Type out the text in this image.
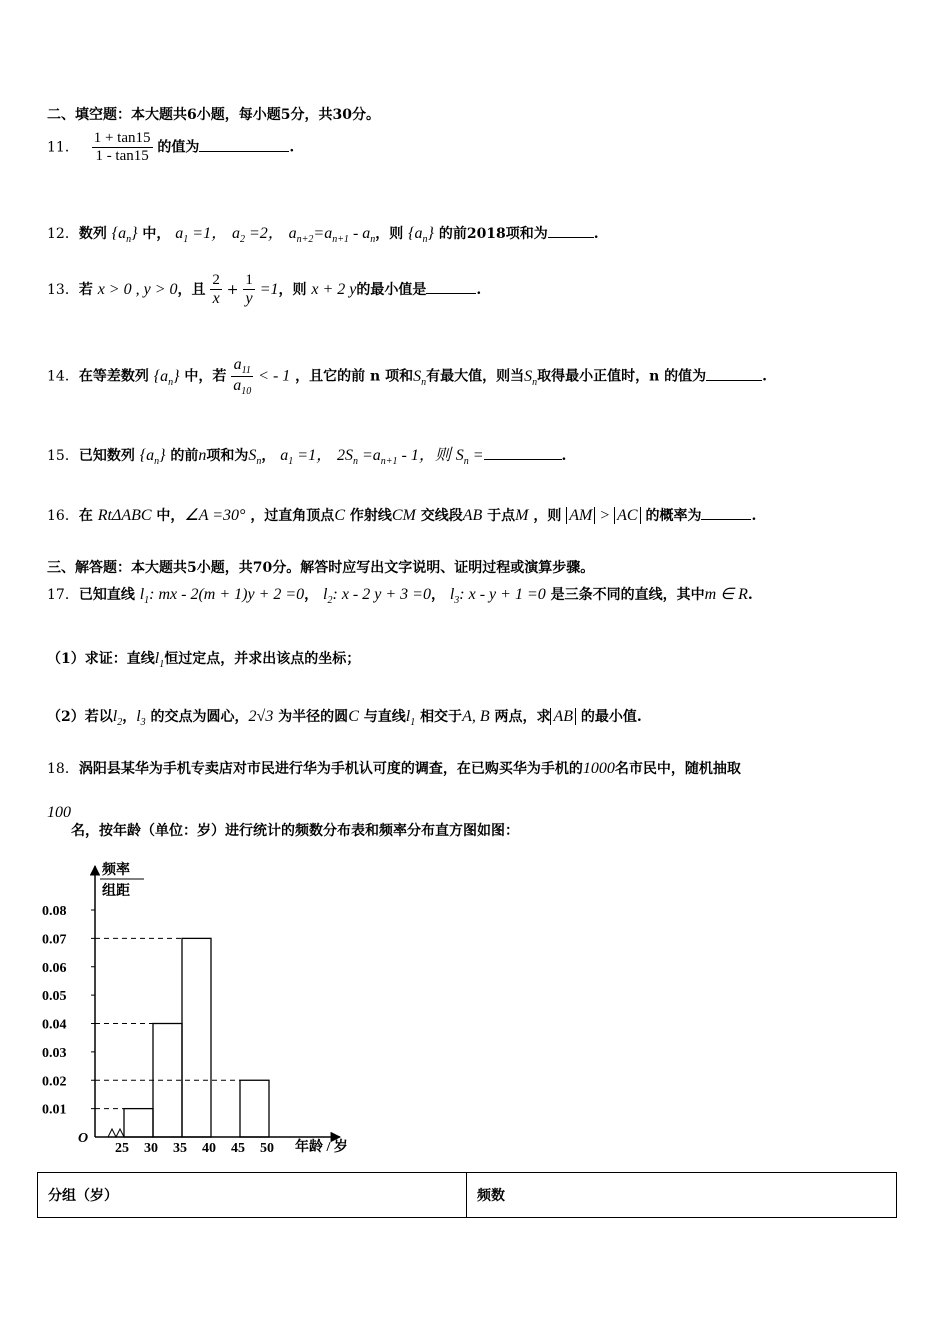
二、填空题：本大题共6小题，每小题5分，共30分。
11． $\frac{1 + \tan 15}{1 - \tan 15}$ 的值为	.
12．数列 $\{a_n\}$ 中， $a_1 =1$， $a_2 =2$， $a_{n+2}=a_{n+1} - a_n$，则 $\{a_n\}$ 的前2018项和为	.
13．若 x > 0 , y > 0，且 $\frac{2}{x} + \frac{1}{y} =1$，则 x + 2 y的最小值是	.
14．在等差数列 $\{a_n\}$ 中，若 $\frac{a_{11}}{a_{10}}$ < - 1 ，且它的前 n 项和$S_n$有最大值，则当$S_n$取得最小正值时，n 的值为	.
15．已知数列 $\{a_n\}$ 的前n项和为$S_n$， $a_1 =1$， $2S_n =a_{n+1} - 1$，则 $S_n$ =	.
16．在 RtΔABC 中，∠A =30° ，过直角顶点C 作射线CM 交线段AB 于点M ，则 AM > AC 的概率为	.
三、解答题：本大题共5小题，共70分。解答时应写出文字说明、证明过程或演算步骤。
17．已知直线 $l_1$: mx - 2(m + 1)y + 2 =0， $l_2$: x - 2 y + 3 =0， $l_3$: x - y + 1 =0 是三条不同的直线，其中m ∈ R.
（1）求证：直线$l_1$恒过定点，并求出该点的坐标；
（2）若以$l_2$，$l_3$ 的交点为圆心，2√3 为半径的圆C 与直线$l_1$ 相交于A, B 两点，求 AB 的最小值.
18．涡阳县某华为手机专卖店对市民进行华为手机认可度的调查，在已购买华为手机的1000名市民中，随机抽取
100名，按年龄（单位：岁）进行统计的频数分布表和频率分布直方图如图：
频率
组距
O
年龄 / 岁
0.01
0.02
0.03
0.04
0.05
0.06
0.07
0.08
25 30 35 40 45 50
分组（岁）	频数
